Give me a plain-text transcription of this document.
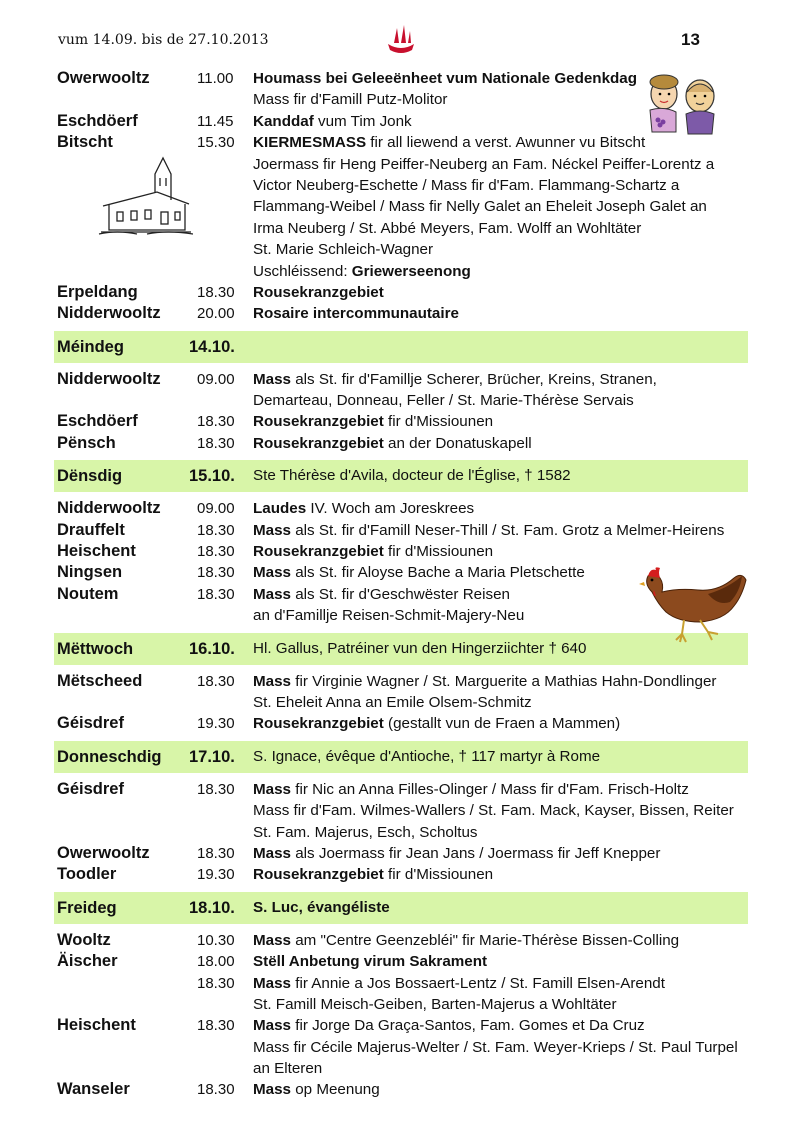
vum 14.09. bis de 27.10.2013	13
Owerwooltz	11.00 Houmass bei Geleeënheet vum Nationale Gedenkdag
Mass fir d'Famill Putz-Molitor
Eschdöerf	11.45 Kanddaf vum Tim Jonk
Bitscht	15.30 KIERMESMASS fir all liewend a verst. Awunner vu Bitscht
Joermass fir Heng Peiffer-Neuberg an Fam. Néckel Peiffer-Lorentz a
Victor Neuberg-Eschette / Mass fir d'Fam. Flammang-Schartz a
Flammang-Weibel / Mass fir Nelly Galet an Eheleit Joseph Galet an
Irma Neuberg / St. Abbé Meyers, Fam. Wolff an Wohltäter
St. Marie Schleich-Wagner
Uschléissend: Griewerseenong
Erpeldang	18.30 Rousekranzgebiet
Nidderwooltz 20.00 Rosaire intercommunautaire
Méindeg	14.10.
Nidderwooltz 09.00 Mass als St. fir d'Famillje Scherer, Brücher, Kreins, Stranen,
Demarteau, Donneau, Feller / St. Marie-Thérèse Servais
Eschdöerf	18.30 Rousekranzgebiet fir d'Missiounen
Pënsch	18.30 Rousekranzgebiet an der Donatuskapell
Dënsdig	15.10. Ste Thérèse d'Avila, docteur de l'Église, † 1582
Nidderwooltz 09.00 Laudes IV. Woch am Joreskrees
Drauffelt	18.30 Mass als St. fir d'Famill Neser-Thill / St. Fam. Grotz a Melmer-Heirens
Heischent	18.30 Rousekranzgebiet fir d'Missiounen
Ningsen	18.30 Mass als St. fir Aloyse Bache a Maria Pletschette
Noutem	18.30 Mass als St. fir d'Geschwëster Reisen
an d'Famillje Reisen-Schmit-Majery-Neu
Mëttwoch	16.10. Hl. Gallus, Patréiner vun den Hingerziichter † 640
Mëtscheed	18.30 Mass fir Virginie Wagner / St. Marguerite a Mathias Hahn-Dondlinger
St. Eheleit Anna an Emile Olsem-Schmitz
Géisdref	19.30 Rousekranzgebiet (gestallt vun de Fraen a Mammen)
Donneschdig 17.10. S. Ignace, évêque d'Antioche, † 117 martyr à Rome
Géisdref	18.30 Mass fir Nic an Anna Filles-Olinger / Mass fir d'Fam. Frisch-Holtz
Mass fir d'Fam. Wilmes-Wallers / St. Fam. Mack, Kayser, Bissen, Reiter
St. Fam. Majerus, Esch, Scholtus
Owerwooltz	18.30 Mass als Joermass fir Jean Jans / Joermass fir Jeff Knepper
Toodler	19.30 Rousekranzgebiet fir d'Missiounen
Freideg	18.10. S. Luc, évangéliste
Wooltz	10.30 Mass am "Centre Geenzebléi" fir Marie-Thérèse Bissen-Colling
Äischer	18.00 Stëll Anbetung virum Sakrament
18.30 Mass fir Annie a Jos Bossaert-Lentz / St. Famill Elsen-Arendt
St. Famill Meisch-Geiben, Barten-Majerus a Wohltäter
Heischent	18.30 Mass fir Jorge Da Graça-Santos, Fam. Gomes et Da Cruz
Mass fir Cécile Majerus-Welter / St. Fam. Weyer-Krieps / St. Paul Turpel
an Elteren
Wanseler	18.30 Mass op Meenung
